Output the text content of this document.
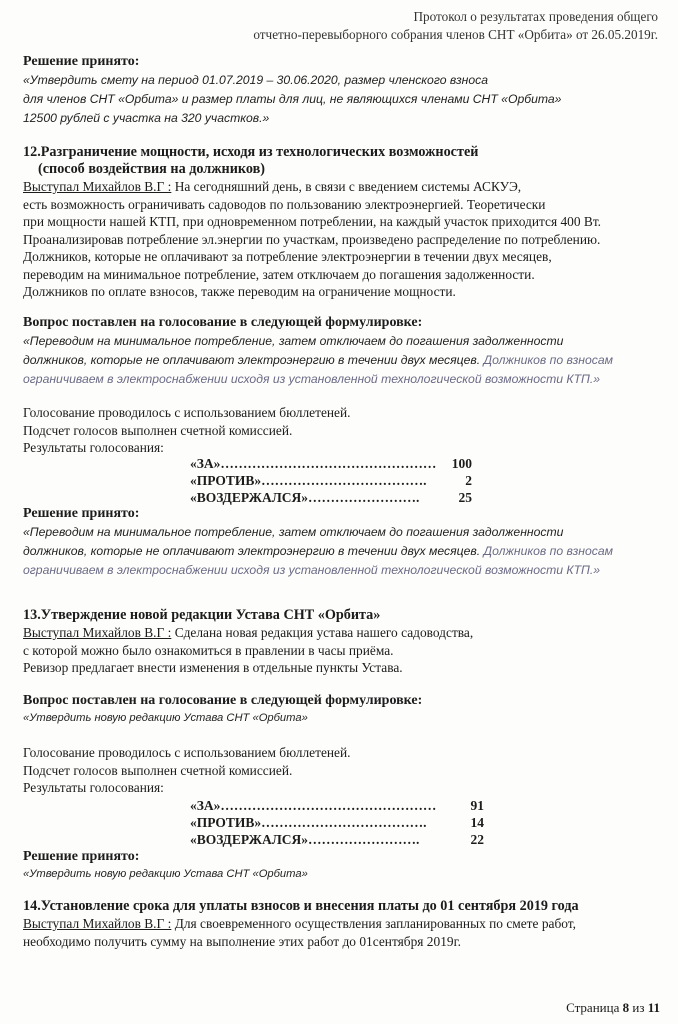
Протокол о результатах проведения общего
отчетно-перевыборного собрания членов СНТ «Орбита» от 26.05.2019г.
Решение принято:
«Утвердить смету на период 01.07.2019 – 30.06.2020, размер членского взноса
для членов СНТ «Орбита» и размер платы для лиц, не являющихся членами СНТ «Орбита»
12500 рублей с участка на 320 участков.»
12.Разграничение мощности, исходя из технологических возможностей
(способ воздействия на должников)
Выступал Михайлов В.Г : На сегодняшний день, в связи с введением системы АСКУЭ,
есть возможность ограничивать садоводов по пользованию электроэнергией. Теоретически
при мощности нашей КТП, при одновременном потреблении, на каждый участок приходится 400 Вт.
Проанализировав потребление эл.энергии по участкам, произведено распределение по потреблению.
Должников, которые не оплачивают за потребление электроэнергии в течении двух месяцев,
переводим на минимальное потребление, затем отключаем до погашения задолженности.
Должников по оплате взносов, также переводим на ограничение мощности.
Вопрос поставлен на голосование в следующей формулировке:
«Переводим на минимальное потребление, затем отключаем до погашения задолженности
должников, которые не оплачивают электроэнергию в течении двух месяцев. Должников по взносам
ограничиваем в электроснабжении исходя из установленной технологической возможности КТП.»
Голосование проводилось с использованием бюллетеней.
Подсчет голосов выполнен счетной комиссией.
Результаты голосования:
«ЗА»…………………………………………	100
«ПРОТИВ»……………………………….	2
«ВОЗДЕРЖАЛСЯ»…………………….	25
Решение принято:
«Переводим на минимальное потребление, затем отключаем до погашения задолженности
должников, которые не оплачивают электроэнергию в течении двух месяцев. Должников по взносам
ограничиваем в электроснабжении исходя из установленной технологической возможности КТП.»
13.Утверждение новой редакции Устава СНТ «Орбита»
Выступал Михайлов В.Г : Сделана новая редакция устава нашего садоводства,
с которой можно было ознакомиться в правлении в часы приёма.
Ревизор предлагает внести изменения в отдельные пункты Устава.
Вопрос поставлен на голосование в следующей формулировке:
«Утвердить новую редакцию Устава СНТ «Орбита»
Голосование проводилось с использованием бюллетеней.
Подсчет голосов выполнен счетной комиссией.
Результаты голосования:
«ЗА»…………………………………………	91
«ПРОТИВ»……………………………….	14
«ВОЗДЕРЖАЛСЯ»…………………….	22
Решение принято:
«Утвердить новую редакцию Устава СНТ «Орбита»
14.Установление срока для уплаты взносов и внесения платы до 01 сентября 2019 года
Выступал Михайлов В.Г : Для своевременного осуществления запланированных по смете работ,
необходимо получить сумму на выполнение этих работ до 01сентября 2019г.
Страница 8 из 11
